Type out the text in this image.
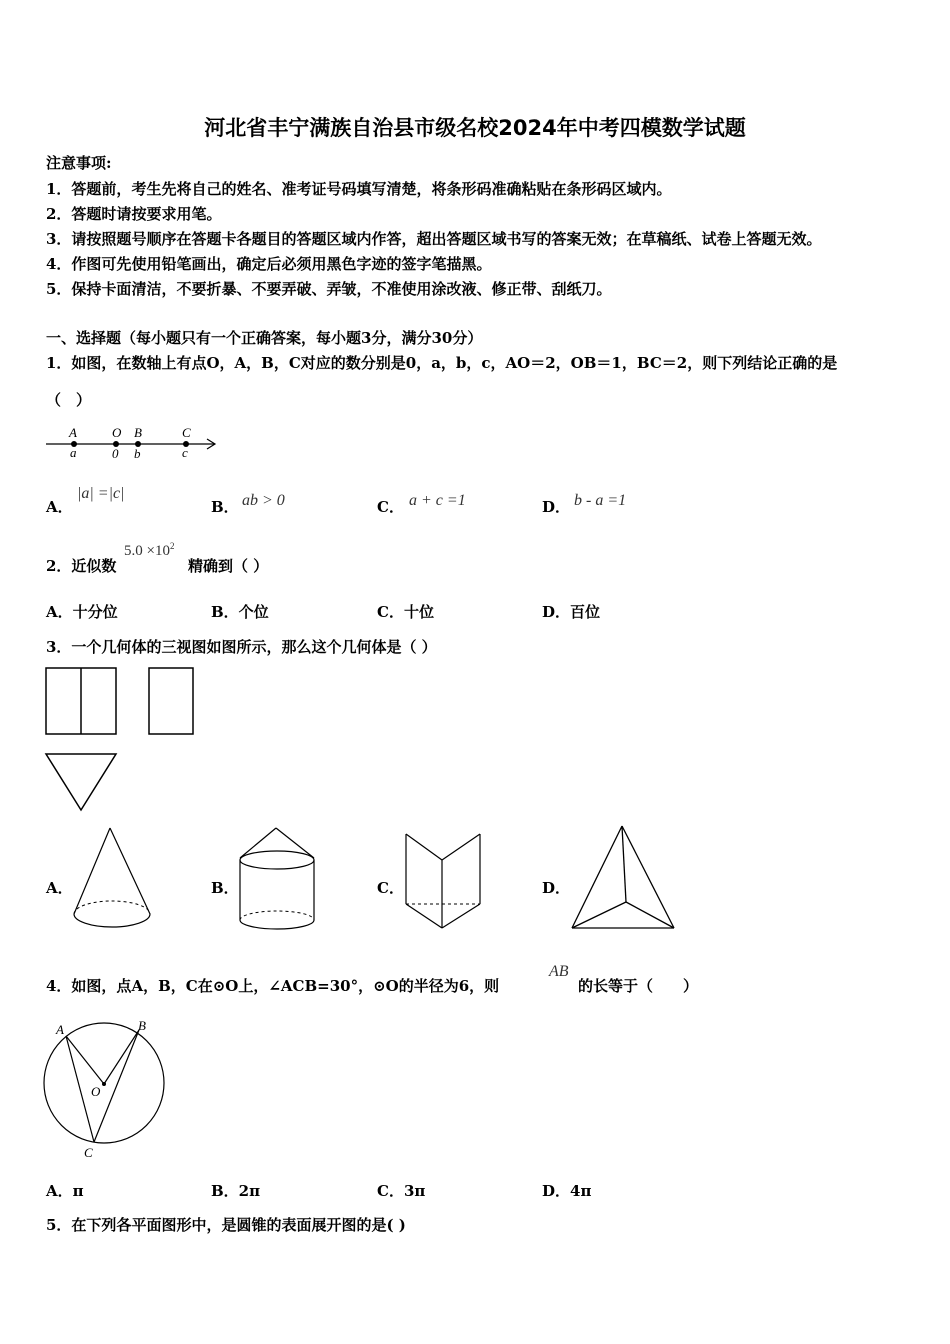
河北省丰宁满族自治县市级名校2024年中考四模数学试题
注意事项:
1．答题前，考生先将自己的姓名、准考证号码填写清楚，将条形码准确粘贴在条形码区域内。
2．答题时请按要求用笔。
3．请按照题号顺序在答题卡各题目的答题区域内作答，超出答题区域书写的答案无效；在草稿纸、试卷上答题无效。
4．作图可先使用铅笔画出，确定后必须用黑色字迹的签字笔描黑。
5．保持卡面清洁，不要折暴、不要弄破、弄皱，不准使用涂改液、修正带、刮纸刀。
一、选择题（每小题只有一个正确答案，每小题3分，满分30分）
1．如图，在数轴上有点O，A，B，C对应的数分别是0，a，b，c，AO＝2，OB＝1，BC＝2，则下列结论正确的是
（　）
A	O B	C
a	0 b	c
A．
|a| =|c|
B． ab > 0	C． a + c =1	D． b - a =1
2．近似数
$5.0 \times 10^2$
精确到（ ）
A．十分位	B．个位	C．十位	D．百位
3．一个几何体的三视图如图所示，那么这个几何体是（ ）
A．	B．	C．	D．
4．如图，点A，B，C在⊙O上，∠ACB=30°，⊙O的半径为6，则
AB
的长等于（　　）
A	B
O
C
A．π	B．2π	C．3π	D．4π
5．在下列各平面图形中，是圆锥的表面展开图的是( )
